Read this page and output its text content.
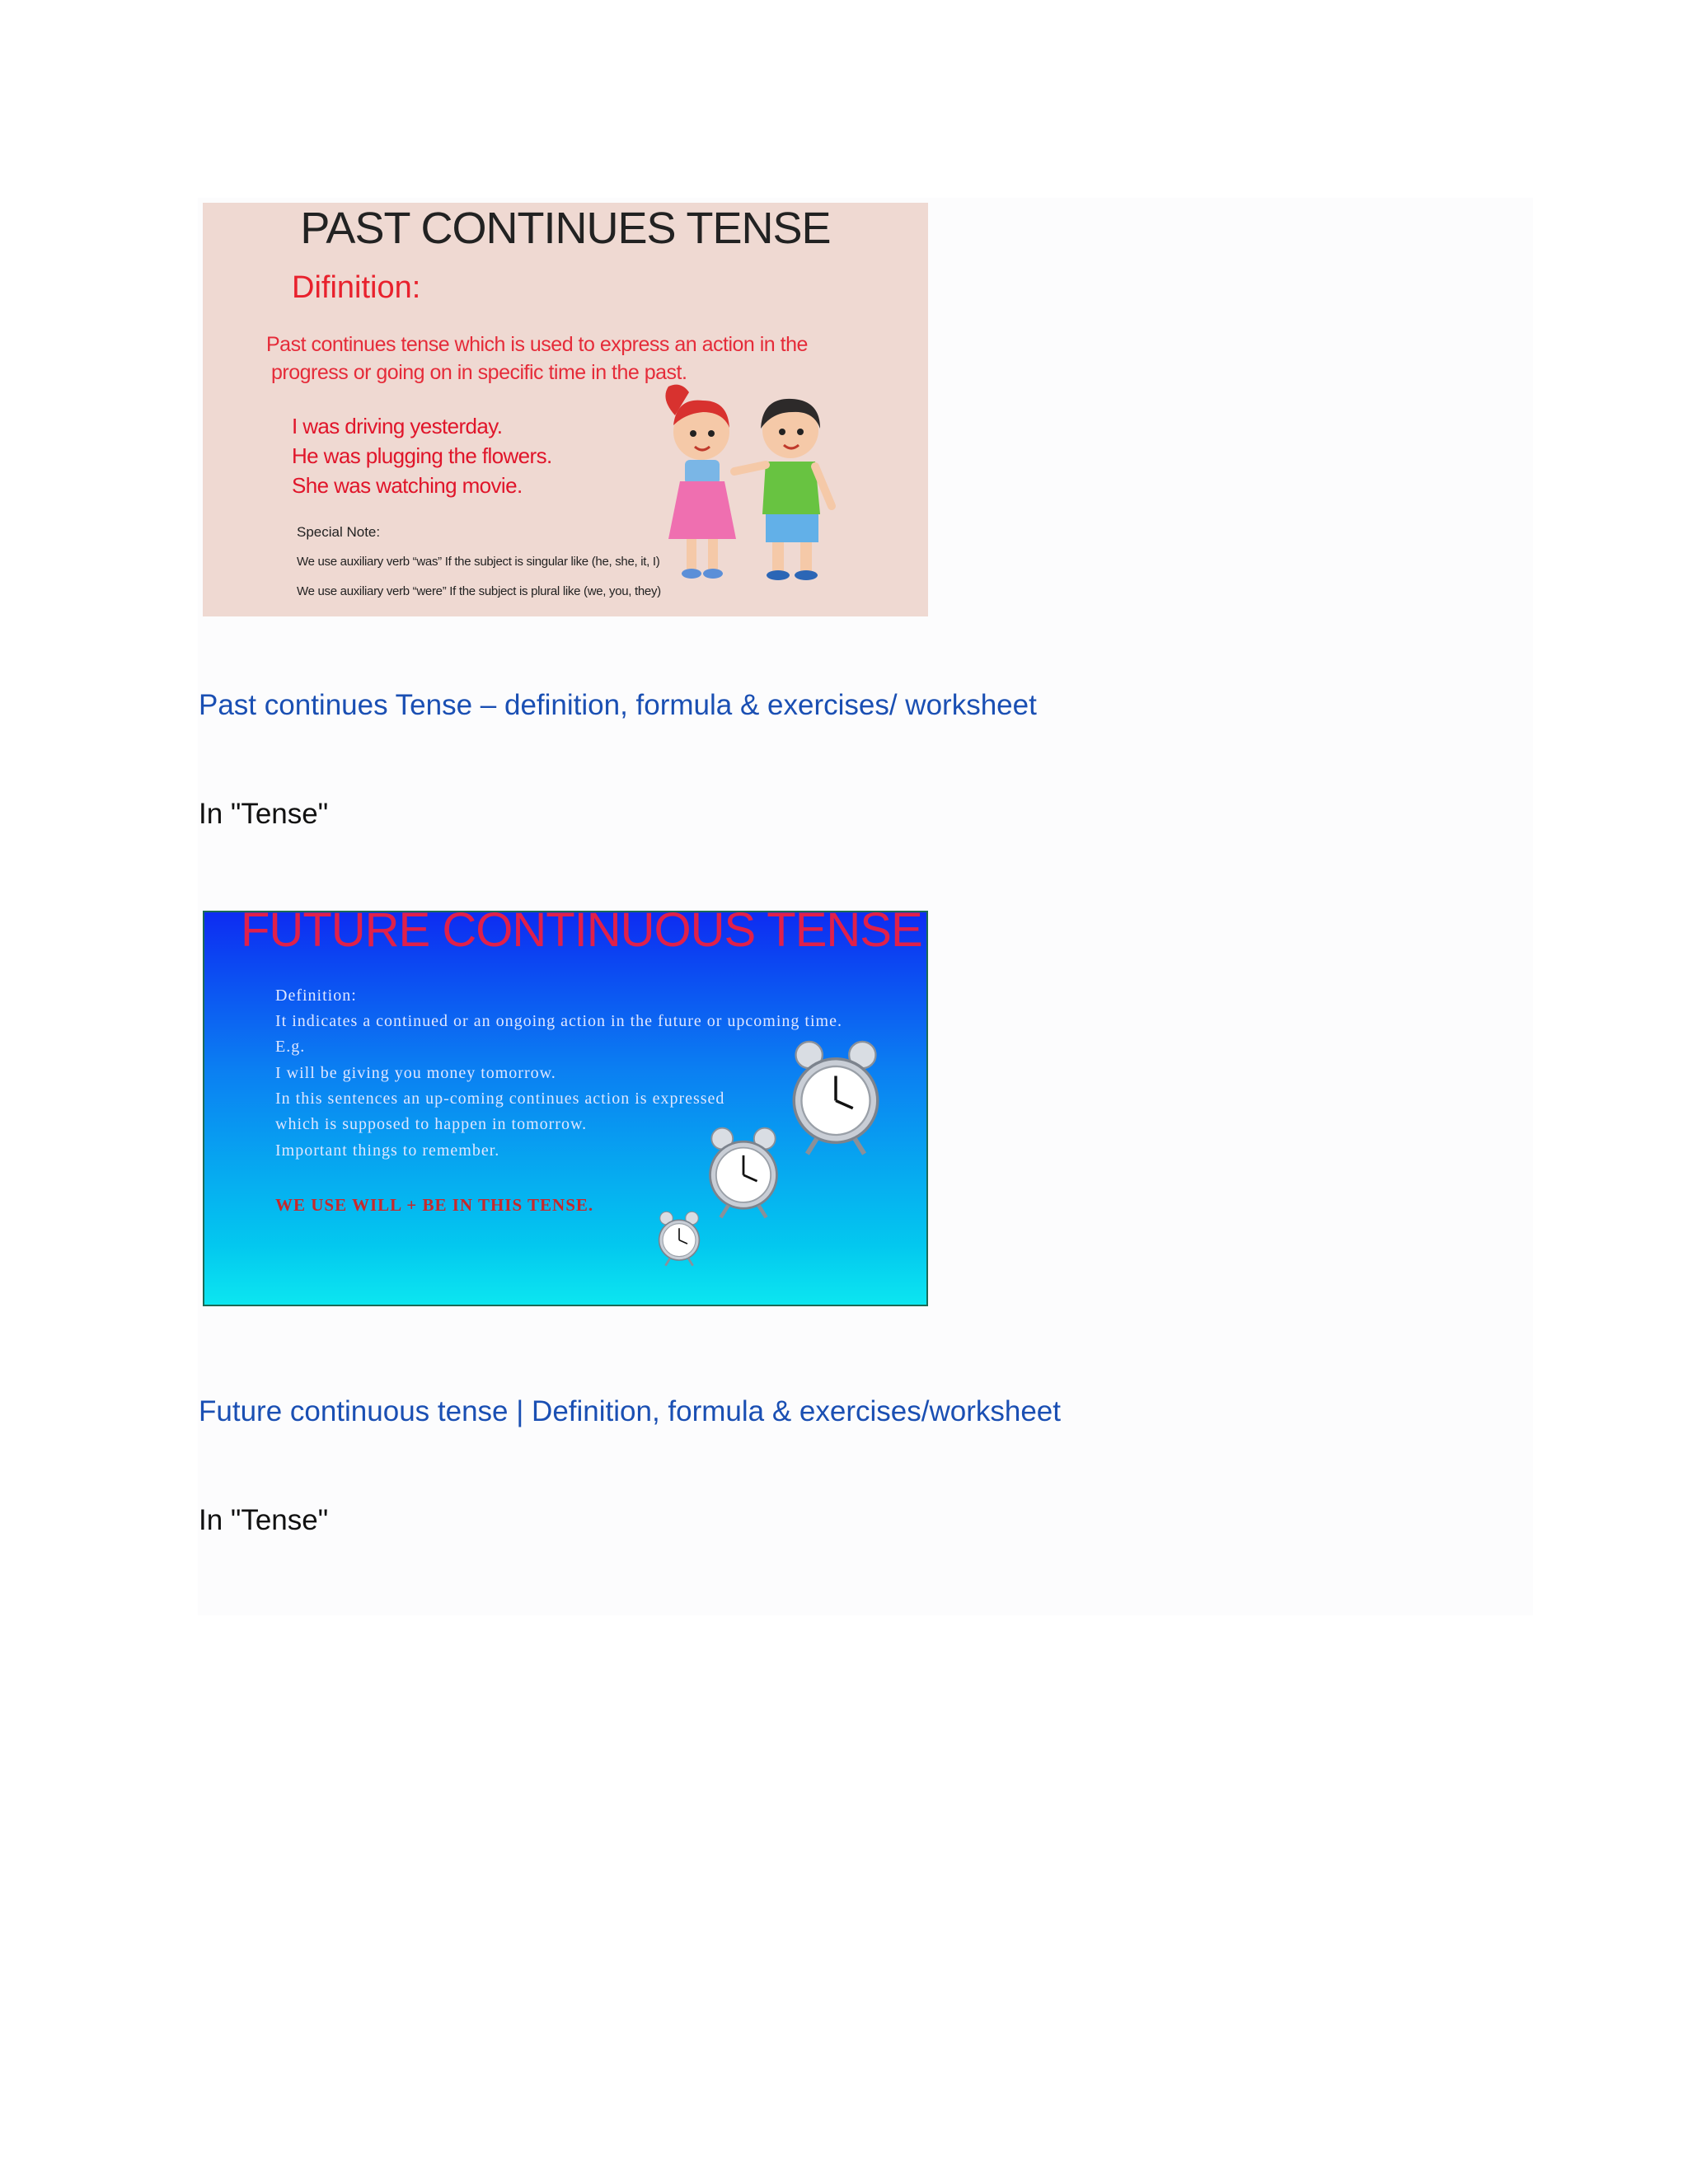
PAST CONTINUES TENSE
Difinition:
Past continues tense which is used to express an action in the
progress or going on in specific time in the past.
I was driving yesterday.
He was plugging the flowers.
She was watching movie.
Special Note:
We use auxiliary verb “was” If the subject is singular like (he, she, it, I)
We use auxiliary verb “were” If the subject is plural like (we, you, they)
Past continues Tense – definition, formula & exercises/ worksheet
In "Tense"
FUTURE CONTINUOUS TENSE
Definition:
It indicates a continued or an ongoing action in the future or upcoming time.
E.g.
I will be giving you money tomorrow.
In this sentences an up-coming continues action is expressed
which is supposed to happen in tomorrow.
Important things to remember.
WE USE WILL + BE IN THIS TENSE.
Future continuous tense | Definition, formula & exercises/worksheet
In "Tense"
